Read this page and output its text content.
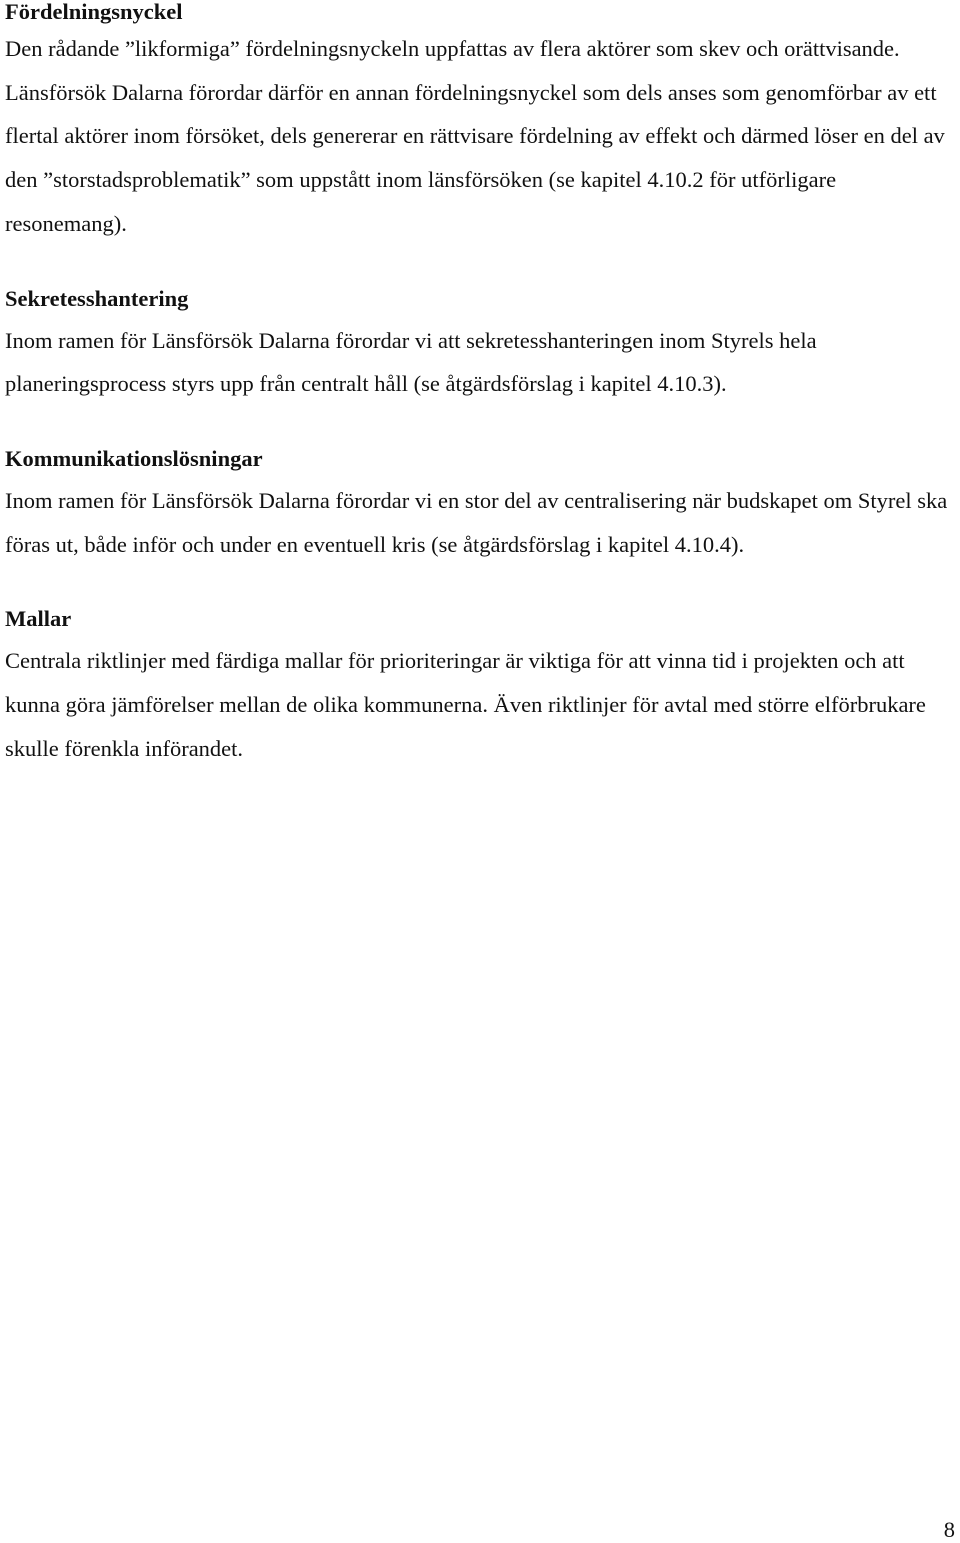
Fördelningsnyckel

Den rådande ”likformiga” fördelningsnyckeln uppfattas av flera aktörer som skev och orättvisande. Länsförsök Dalarna förordar därför en annan fördelningsnyckel som dels anses som genomförbar av ett flertal aktörer inom försöket, dels genererar en rättvisare fördelning av effekt och därmed löser en del av den ”storstadsproblematik” som uppstått inom länsförsöken (se kapitel 4.10.2 för utförligare resonemang).

Sekretesshantering

Inom ramen för Länsförsök Dalarna förordar vi att sekretesshanteringen inom Styrels hela planeringsprocess styrs upp från centralt håll (se åtgärdsförslag i kapitel 4.10.3).

Kommunikationslösningar

Inom ramen för Länsförsök Dalarna förordar vi en stor del av centralisering när budskapet om Styrel ska föras ut, både inför och under en eventuell kris (se åtgärdsförslag i kapitel 4.10.4).

Mallar

Centrala riktlinjer med färdiga mallar för prioriteringar är viktiga för att vinna tid i projekten och att kunna göra jämförelser mellan de olika kommunerna. Även riktlinjer för avtal med större elförbrukare skulle förenkla införandet.

8
